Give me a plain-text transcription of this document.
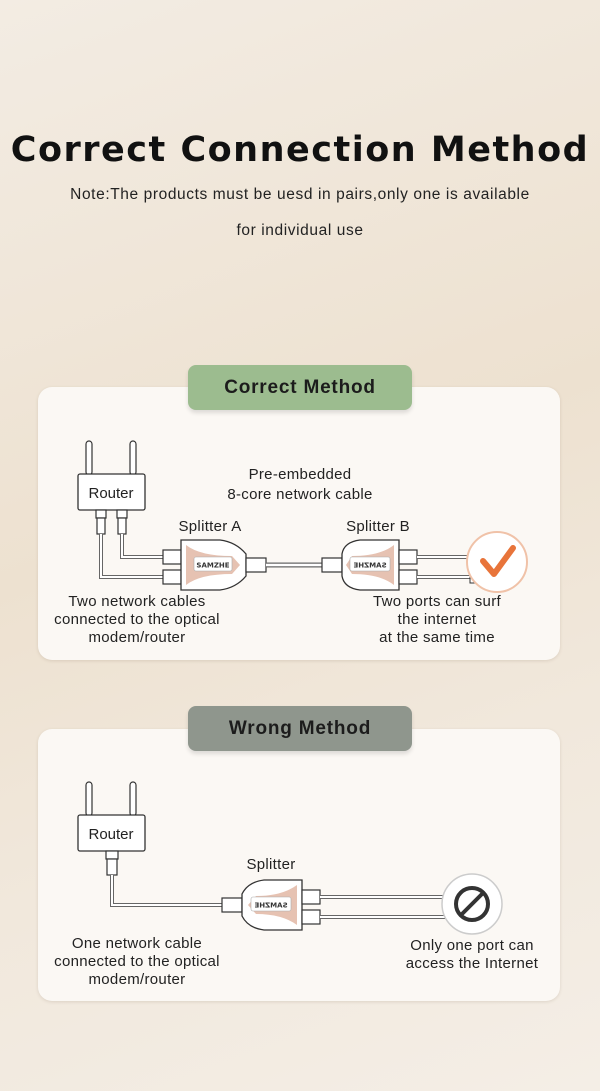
Correct Connection Method
Note:The products must be uesd in pairs,only one is available
for individual use
Correct Method
SAMZHE	SAMZHE
Router
Pre-embedded
8-core network cable
Splitter A	Splitter B
Two network cables
connected to the optical
modem/router
Two ports can surf
the internet
at the same time
Wrong Method
SAMZHE
Router
Splitter
One network cable
connected to the optical
modem/router
Only one port can
access the Internet
